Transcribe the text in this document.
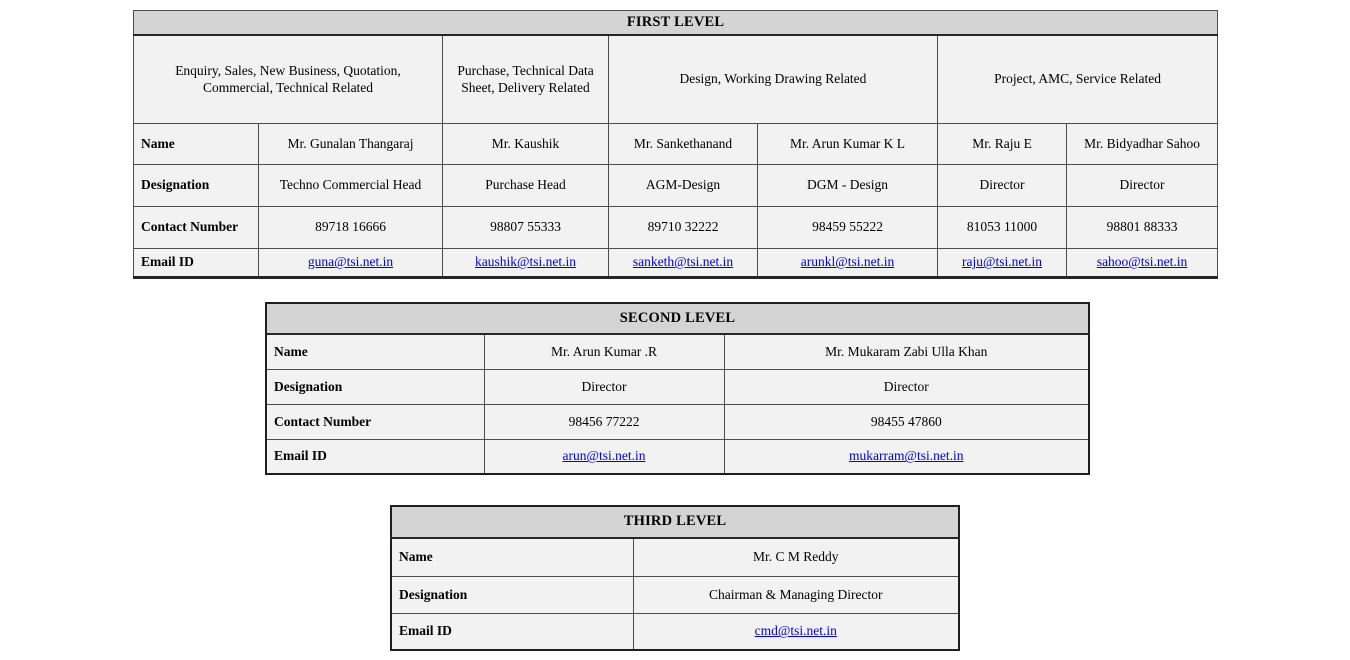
FIRST LEVEL						
Enquiry, Sales, New Business, Quotation, Commercial, Technical Related		Purchase, Technical Data Sheet, Delivery Related	Design, Working Drawing Related		Project, AMC, Service Related	
Name	Mr. Gunalan Thangaraj	Mr. Kaushik	Mr. Sankethanand	Mr. Arun Kumar K L	Mr. Raju E	Mr. Bidyadhar Sahoo
Designation	Techno Commercial Head	Purchase Head	AGM-Design	DGM - Design	Director	Director
Contact Number	89718 16666	98807 55333	89710 32222	98459 55222	81053 11000	98801 88333
Email ID	guna@tsi.net.in	kaushik@tsi.net.in	sanketh@tsi.net.in	arunkl@tsi.net.in	raju@tsi.net.in	sahoo@tsi.net.in
SECOND LEVEL		
Name	Mr. Arun Kumar .R	Mr. Mukaram Zabi Ulla Khan
Designation	Director	Director
Contact Number	98456 77222	98455 47860
Email ID	arun@tsi.net.in	mukarram@tsi.net.in
THIRD LEVEL	
Name	Mr. C M Reddy
Designation	Chairman & Managing Director
Email ID	cmd@tsi.net.in
